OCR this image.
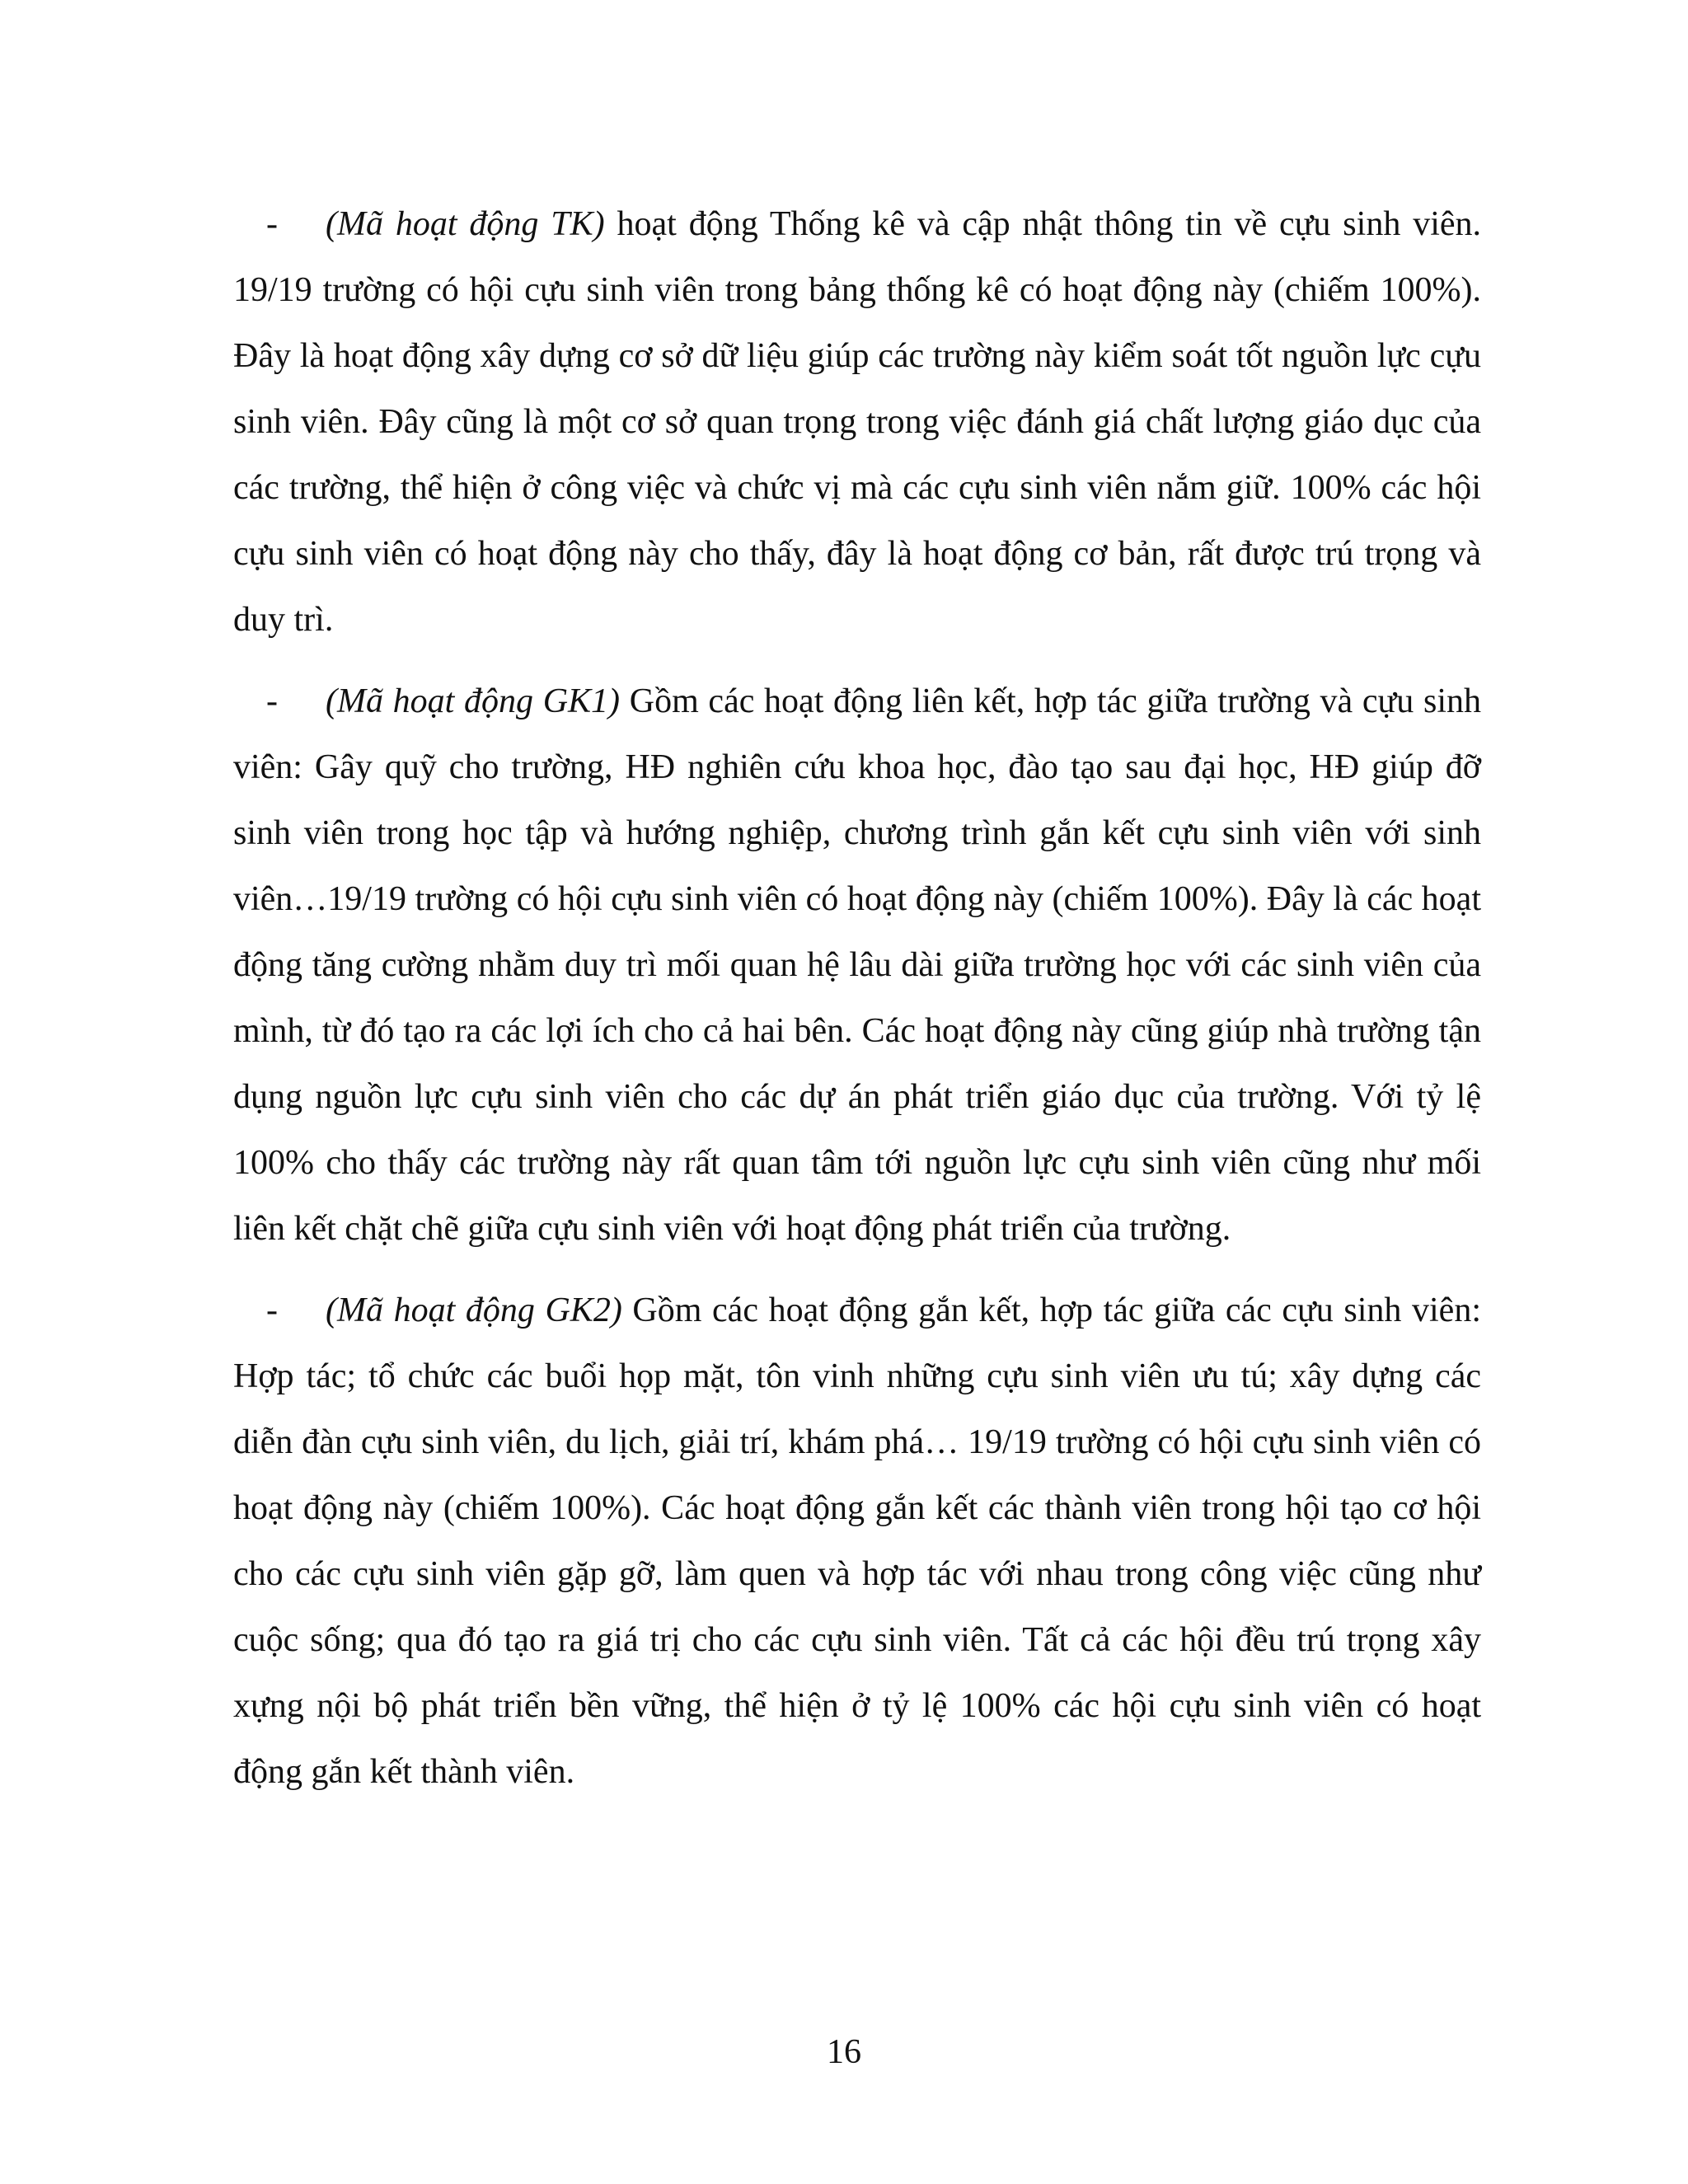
- (Mã hoạt động TK) hoạt động Thống kê và cập nhật thông tin về cựu sinh viên. 19/19 trường có hội cựu sinh viên trong bảng thống kê có hoạt động này (chiếm 100%). Đây là hoạt động xây dựng cơ sở dữ liệu giúp các trường này kiểm soát tốt nguồn lực cựu sinh viên. Đây cũng là một cơ sở quan trọng trong việc đánh giá chất lượng giáo dục của các trường, thể hiện ở công việc và chức vị mà các cựu sinh viên nắm giữ. 100% các hội cựu sinh viên có hoạt động này cho thấy, đây là hoạt động cơ bản, rất được trú trọng và duy trì.

- (Mã hoạt động GK1) Gồm các hoạt động liên kết, hợp tác giữa trường và cựu sinh viên: Gây quỹ cho trường, HĐ nghiên cứu khoa học, đào tạo sau đại học, HĐ giúp đỡ sinh viên trong học tập và hướng nghiệp, chương trình gắn kết cựu sinh viên với sinh viên…19/19 trường có hội cựu sinh viên có hoạt động này (chiếm 100%). Đây là các hoạt động tăng cường nhằm duy trì mối quan hệ lâu dài giữa trường học với các sinh viên của mình, từ đó tạo ra các lợi ích cho cả hai bên. Các hoạt động này cũng giúp nhà trường tận dụng nguồn lực cựu sinh viên cho các dự án phát triển giáo dục của trường. Với tỷ lệ 100% cho thấy các trường này rất quan tâm tới nguồn lực cựu sinh viên cũng như mối liên kết chặt chẽ giữa cựu sinh viên với hoạt động phát triển của trường.

- (Mã hoạt động GK2) Gồm các hoạt động gắn kết, hợp tác giữa các cựu sinh viên: Hợp tác; tổ chức các buổi họp mặt, tôn vinh những cựu sinh viên ưu tú; xây dựng các diễn đàn cựu sinh viên, du lịch, giải trí, khám phá… 19/19 trường có hội cựu sinh viên có hoạt động này (chiếm 100%). Các hoạt động gắn kết các thành viên trong hội tạo cơ hội cho các cựu sinh viên gặp gỡ, làm quen và hợp tác với nhau trong công việc cũng như cuộc sống; qua đó tạo ra giá trị cho các cựu sinh viên. Tất cả các hội đều trú trọng xây xựng nội bộ phát triển bền vững, thể hiện ở tỷ lệ 100% các hội cựu sinh viên có hoạt động gắn kết thành viên.

16
